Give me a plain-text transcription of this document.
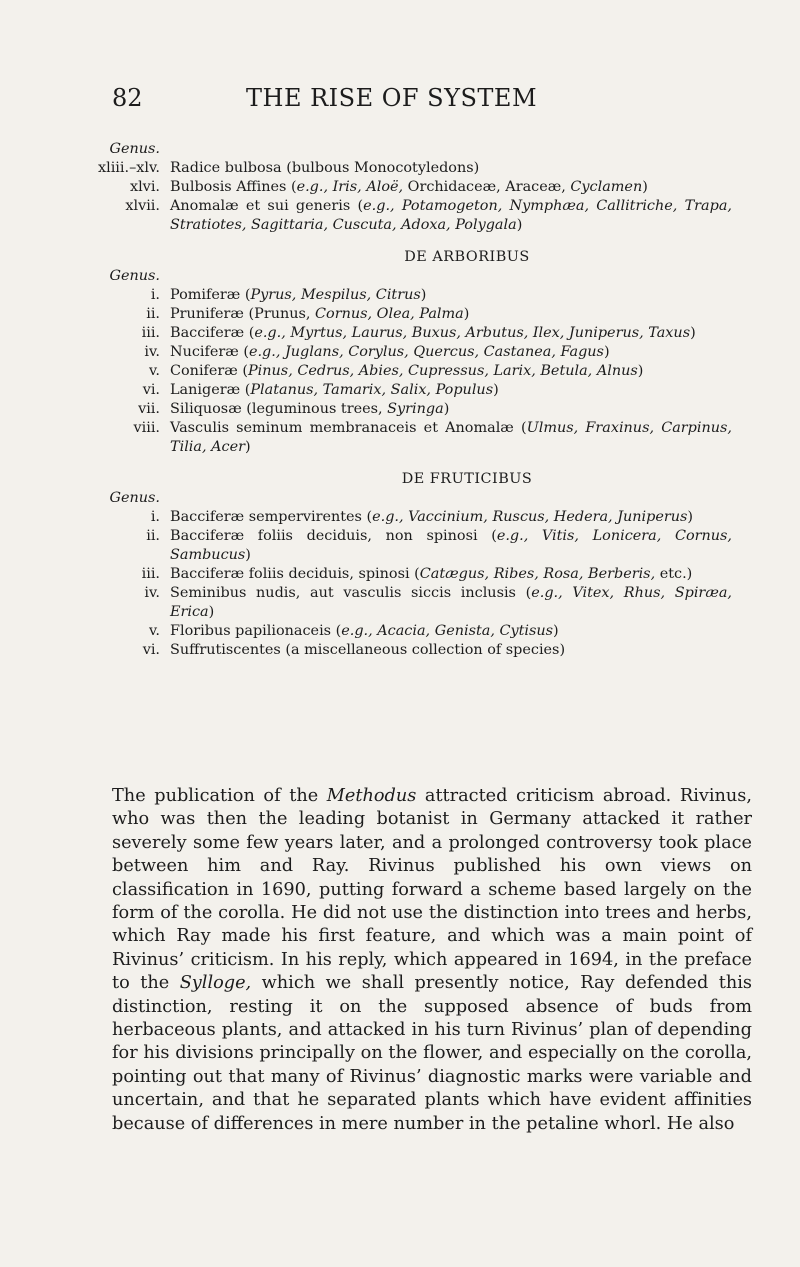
82	THE RISE OF SYSTEM
Genus.
xliii.–xlv. Radice bulbosa (bulbous Monocotyledons)
xlvi. Bulbosis Affines (e.g., Iris, Aloë, Orchidaceæ, Araceæ, Cyclamen)
xlvii. Anomalæ et sui generis (e.g., Potamogeton, Nymphæa, Callitriche, Trapa, Stratiotes, Sagittaria, Cuscuta, Adoxa, Polygala)
DE ARBORIBUS
Genus.
i. Pomiferæ (Pyrus, Mespilus, Citrus)
ii. Pruniferæ (Prunus, Cornus, Olea, Palma)
iii. Bacciferæ (e.g., Myrtus, Laurus, Buxus, Arbutus, Ilex, Juniperus, Taxus)
iv. Nuciferæ (e.g., Juglans, Corylus, Quercus, Castanea, Fagus)
v. Coniferæ (Pinus, Cedrus, Abies, Cupressus, Larix, Betula, Alnus)
vi. Lanigeræ (Platanus, Tamarix, Salix, Populus)
vii. Siliquosæ (leguminous trees, Syringa)
viii. Vasculis seminum membranaceis et Anomalæ (Ulmus, Fraxinus, Carpinus, Tilia, Acer)
DE FRUTICIBUS
Genus.
i. Bacciferæ sempervirentes (e.g., Vaccinium, Ruscus, Hedera, Juniperus)
ii. Bacciferæ foliis deciduis, non spinosi (e.g., Vitis, Lonicera, Cornus, Sambucus)
iii. Bacciferæ foliis deciduis, spinosi (Catægus, Ribes, Rosa, Berberis, etc.)
iv. Seminibus nudis, aut vasculis siccis inclusis (e.g., Vitex, Rhus, Spiræa, Erica)
v. Floribus papilionaceis (e.g., Acacia, Genista, Cytisus)
vi. Suffrutiscentes (a miscellaneous collection of species)
The publication of the Methodus attracted criticism abroad. Rivinus, who was then the leading botanist in Germany attacked it rather severely some few years later, and a prolonged controversy took place between him and Ray. Rivinus published his own views on classification in 1690, putting forward a scheme based largely on the form of the corolla. He did not use the distinction into trees and herbs, which Ray made his first feature, and which was a main point of Rivinus’ criticism. In his reply, which appeared in 1694, in the preface to the Sylloge, which we shall presently notice, Ray defended this distinction, resting it on the supposed absence of buds from herbaceous plants, and attacked in his turn Rivinus’ plan of depending for his divisions principally on the flower, and especially on the corolla, pointing out that many of Rivinus’ diagnostic marks were variable and uncertain, and that he separated plants which have evident affinities because of differences in mere number in the petaline whorl. He also
